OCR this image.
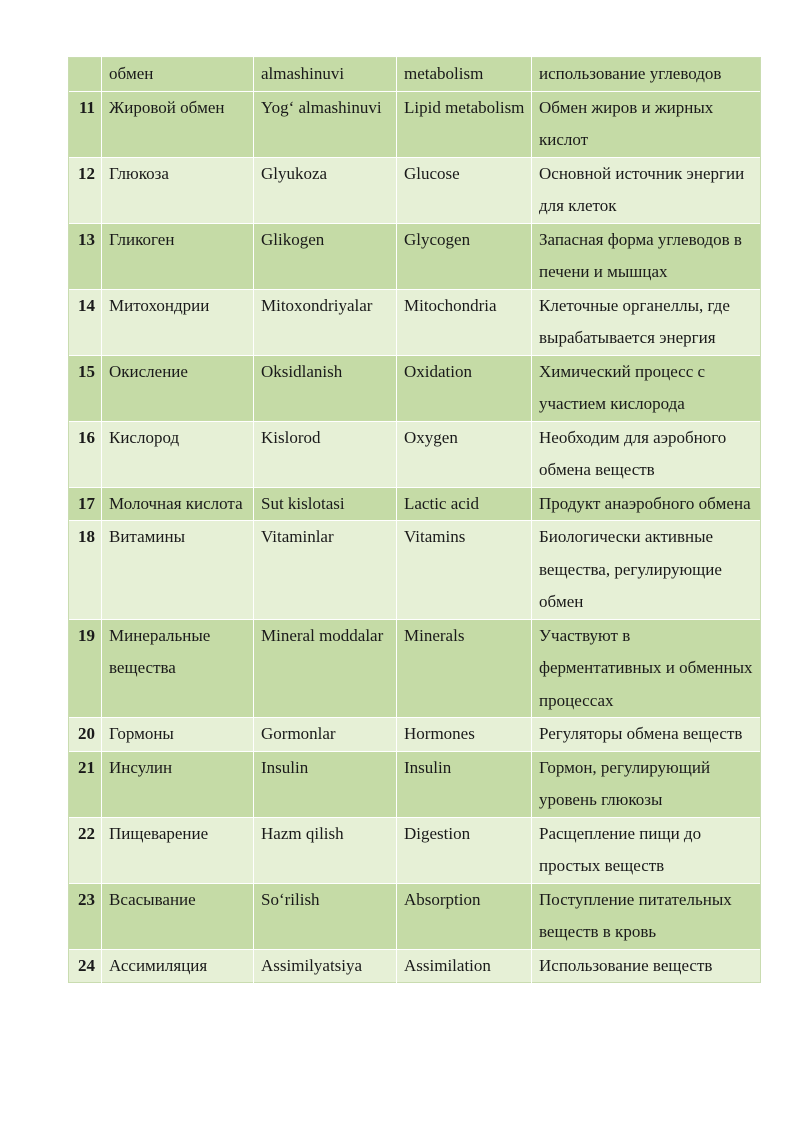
	обмен	almashinuvi	metabolism	использование углеводов
11	Жировой обмен	Yog‘ almashinuvi	Lipid metabolism	Обмен жиров и жирных кислот
12	Глюкоза	Glyukoza	Glucose	Основной источник энергии для клеток
13	Гликоген	Glikogen	Glycogen	Запасная форма углеводов в печени и мышцах
14	Митохондрии	Mitoxondriyalar	Mitochondria	Клеточные органеллы, где вырабатывается энергия
15	Окисление	Oksidlanish	Oxidation	Химический процесс с участием кислорода
16	Кислород	Kislorod	Oxygen	Необходим для аэробного обмена веществ
17	Молочная кислота	Sut kislotasi	Lactic acid	Продукт анаэробного обмена
18	Витамины	Vitaminlar	Vitamins	Биологически активные вещества, регулирующие обмен
19	Минеральные вещества	Mineral moddalar	Minerals	Участвуют в ферментативных и обменных процессах
20	Гормоны	Gormonlar	Hormones	Регуляторы обмена веществ
21	Инсулин	Insulin	Insulin	Гормон, регулирующий уровень глюкозы
22	Пищеварение	Hazm qilish	Digestion	Расщепление пищи до простых веществ
23	Всасывание	So‘rilish	Absorption	Поступление питательных веществ в кровь
24	Ассимиляция	Assimilyatsiya	Assimilation	Использование веществ
